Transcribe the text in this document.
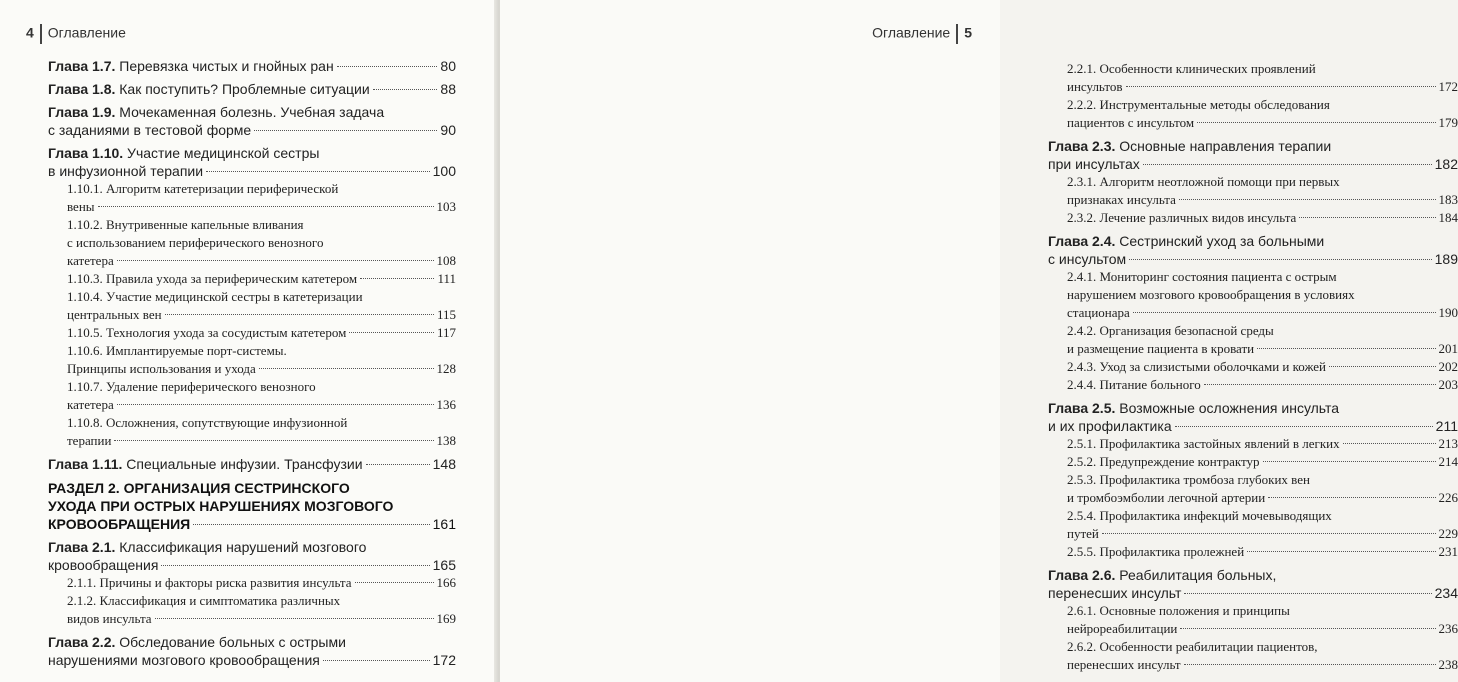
4 Оглавление
Глава 1.7. Перевязка чистых и гнойных ран	80
Глава 1.8. Как поступить? Проблемные ситуации	88
Глава 1.9. Мочекаменная болезнь. Учебная задача
с заданиями в тестовой форме	90
Глава 1.10. Участие медицинской сестры
в инфузионной терапии	100
1.10.1. Алгоритм катетеризации периферической
вены	103
1.10.2. Внутривенные капельные вливания
с использованием периферического венозного
катетера	108
1.10.3. Правила ухода за периферическим катетером	111
1.10.4. Участие медицинской сестры в катетеризации
центральных вен	115
1.10.5. Технология ухода за сосудистым катетером	117
1.10.6. Имплантируемые порт-системы.
Принципы использования и ухода	128
1.10.7. Удаление периферического венозного
катетера	136
1.10.8. Осложнения, сопутствующие инфузионной
терапии	138
Глава 1.11. Специальные инфузии. Трансфузии	148
РАЗДЕЛ 2. ОРГАНИЗАЦИЯ СЕСТРИНСКОГО
УХОДА ПРИ ОСТРЫХ НАРУШЕНИЯХ МОЗГОВОГО
КРОВООБРАЩЕНИЯ	161
Глава 2.1. Классификация нарушений мозгового
кровообращения	165
2.1.1. Причины и факторы риска развития инсульта	166
2.1.2. Классификация и симптоматика различных
видов инсульта	169
Глава 2.2. Обследование больных с острыми
нарушениями мозгового кровообращения	172
Оглавление 5
2.2.1. Особенности клинических проявлений
инсультов	172
2.2.2. Инструментальные методы обследования
пациентов с инсультом	179
Глава 2.3. Основные направления терапии
при инсультах	182
2.3.1. Алгоритм неотложной помощи при первых
признаках инсульта	183
2.3.2. Лечение различных видов инсульта	184
Глава 2.4. Сестринский уход за больными
с инсультом	189
2.4.1. Мониторинг состояния пациента с острым
нарушением мозгового кровообращения в условиях
стационара	190
2.4.2. Организация безопасной среды
и размещение пациента в кровати	201
2.4.3. Уход за слизистыми оболочками и кожей	202
2.4.4. Питание больного	203
Глава 2.5. Возможные осложнения инсульта
и их профилактика	211
2.5.1. Профилактика застойных явлений в легких	213
2.5.2. Предупреждение контрактур	214
2.5.3. Профилактика тромбоза глубоких вен
и тромбоэмболии легочной артерии	226
2.5.4. Профилактика инфекций мочевыводящих
путей	229
2.5.5. Профилактика пролежней	231
Глава 2.6. Реабилитация больных,
перенесших инсульт	234
2.6.1. Основные положения и принципы
нейрореабилитации	236
2.6.2. Особенности реабилитации пациентов,
перенесших инсульт	238
